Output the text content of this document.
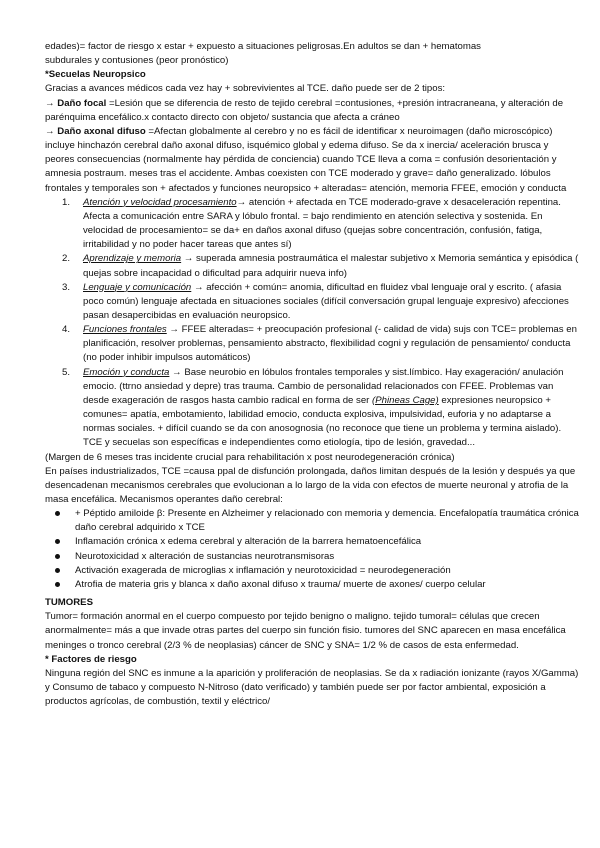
edades)= factor de riesgo x estar + expuesto a situaciones peligrosas.En adultos se dan + hematomas

subdurales y contusiones (peor pronóstico)

*Secuelas Neuropsico

Gracias a avances médicos cada vez hay + sobrevivientes al TCE. daño puede ser de 2 tipos:

→ Daño focal =Lesión que se diferencia de resto de tejido cerebral =contusiones, +presión intracraneana, y alteración de parénquima encefálico.x contacto directo con objeto/ sustancia que afecta a cráneo

→ Daño axonal difuso =Afectan globalmente al cerebro y no es fácil de identificar x neuroimagen (daño microscópico) incluye hinchazón cerebral daño axonal difuso, isquémico global y edema difuso. Se da x inercia/ aceleración brusca y peores consecuencias (normalmente hay pérdida de conciencia) cuando TCE lleva a coma = confusión desorientación y amnesia postraum. meses tras el accidente. Ambas coexisten con TCE moderado y grave= daño generalizado. lóbulos frontales y temporales son + afectados y funciones neuropsico + alteradas= atención, memoria FFEE, emoción y conducta

1. Atención y velocidad procesamiento→ atención + afectada en TCE moderado-grave x desaceleración repentina. Afecta a comunicación entre SARA y lóbulo frontal. = bajo rendimiento en atención selectiva y sostenida. En velocidad de procesamiento= se da+ en daños axonal difuso (quejas sobre concentración, confusión, fatiga, irritabilidad y no poder hacer tareas que antes sí)
2. Aprendizaje y memoria → superada amnesia postraumática el malestar subjetivo x Memoria semántica y episódica ( quejas sobre incapacidad o dificultad para adquirir nueva info)
3. Lenguaje y comunicación → afección + común= anomia, dificultad en fluidez vbal lenguaje oral y escrito. ( afasia poco común) lenguaje afectada en situaciones sociales (difícil conversación grupal lenguaje expresivo) afecciones pasan desapercibidas en evaluación neuropsico.
4. Funciones frontales → FFEE alteradas= + preocupación profesional (- calidad de vida) sujs con TCE= problemas en planificación, resolver problemas, pensamiento abstracto, flexibilidad cogni y regulación de pensamiento/ conducta (no poder inhibir impulsos automáticos)
5. Emoción y conducta → Base neurobio en lóbulos frontales temporales y sist.límbico. Hay exageración/ anulación emocio. (ttrno ansiedad y depre) tras trauma. Cambio de personalidad relacionados con FFEE. Problemas van desde exageración de rasgos hasta cambio radical en forma de ser (Phineas Cage) expresiones neuropsico + comunes= apatía, embotamiento, labilidad emocio, conducta explosiva, impulsividad, euforia y no adaptarse a normas sociales. + difícil cuando se da con anosognosia (no reconoce que tiene un problema y termina aislado). TCE y secuelas son específicas e independientes como etiología, tipo de lesión, gravedad...

(Margen de 6 meses tras incidente crucial para rehabilitación x post neurodegeneración crónica)

En países industrializados, TCE =causa ppal de disfunción prolongada, daños limitan después de la lesión y después ya que desencadenan mecanismos cerebrales que evolucionan a lo largo de la vida con efectos de muerte neuronal y atrofia de la masa encefálica. Mecanismos operantes daño cerebral:

+ Péptido amiloide β: Presente en Alzheimer y relacionado con memoria y demencia. Encefalopatía traumática crónica daño cerebral adquirido x TCE
Inflamación crónica x edema cerebral y alteración de la barrera hematoencefálica
Neurotoxicidad x alteración de sustancias neurotransmisoras
Activación exagerada de microglias x inflamación y neurotoxicidad = neurodegeneración
Atrofia de materia gris y blanca x daño axonal difuso x trauma/ muerte de axones/ cuerpo celular

TUMORES

Tumor= formación anormal en el cuerpo compuesto por tejido benigno o maligno. tejido tumoral= células que crecen anormalmente= más a que invade otras partes del cuerpo sin función fisio. tumores del SNC aparecen en masa encefálica meninges o tronco cerebral (2/3 % de neoplasias) cáncer de SNC y SNA= 1/2 % de casos de esta enfermedad.

* Factores de riesgo

Ninguna región del SNC es inmune a la aparición y proliferación de neoplasias. Se da x radiación ionizante (rayos X/Gamma) y Consumo de tabaco y compuesto N-Nitroso (dato verificado) y también puede ser por factor ambiental, exposición a productos agrícolas, de combustión, textil y eléctrico/
